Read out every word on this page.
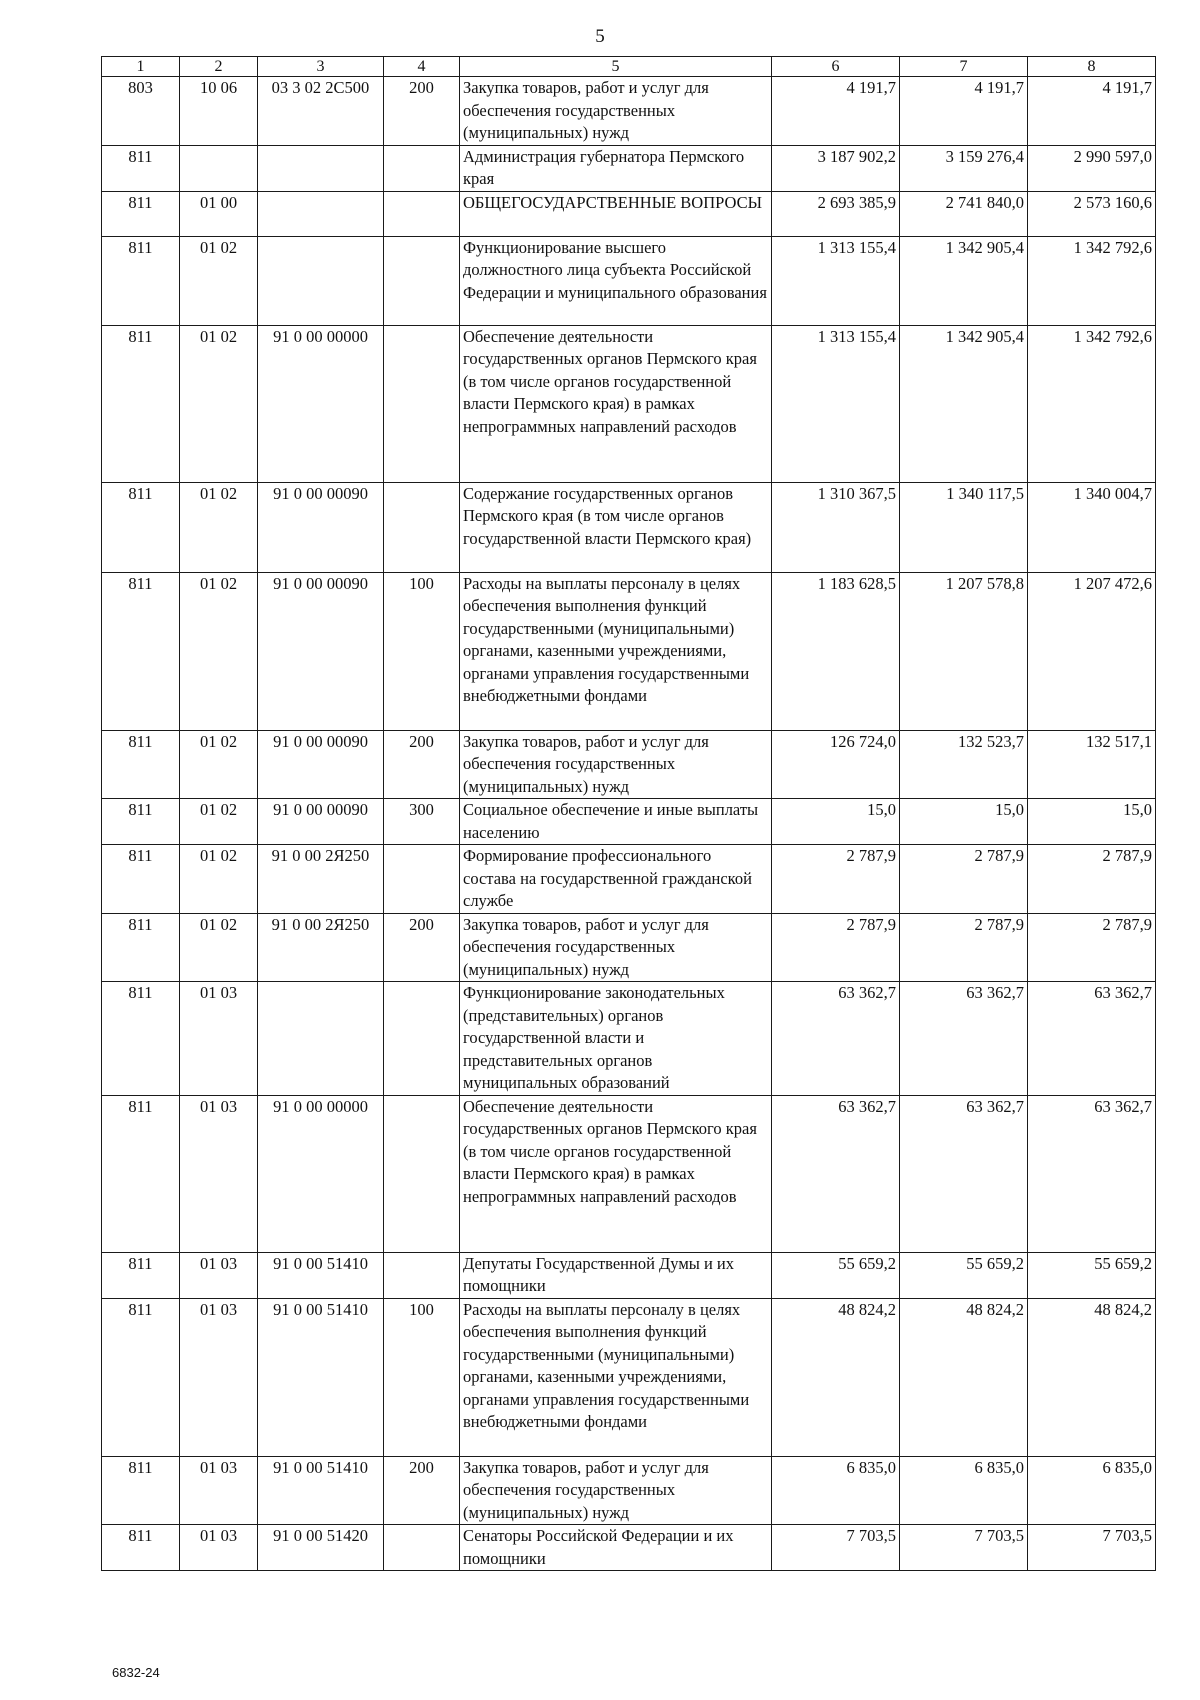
5
1	2	3	4	5	6	7	8
803	10 06	03 3 02 2С500	200	Закупка товаров, работ и услуг для обеспечения государственных (муниципальных) нужд	4 191,7	4 191,7	4 191,7
811				Администрация губернатора Пермского края	3 187 902,2	3 159 276,4	2 990 597,0
811	01 00			ОБЩЕГОСУДАРСТВЕННЫЕ ВОПРОСЫ	2 693 385,9	2 741 840,0	2 573 160,6
811	01 02			Функционирование высшего должностного лица субъекта Российской Федерации и муниципального образования	1 313 155,4	1 342 905,4	1 342 792,6
811	01 02	91 0 00 00000		Обеспечение деятельности государственных органов Пермского края (в том числе органов государственной власти Пермского края) в рамках непрограммных направлений расходов	1 313 155,4	1 342 905,4	1 342 792,6
811	01 02	91 0 00 00090		Содержание государственных органов Пермского края (в том числе органов государственной власти Пермского края)	1 310 367,5	1 340 117,5	1 340 004,7
811	01 02	91 0 00 00090	100	Расходы на выплаты персоналу в целях обеспечения выполнения функций государственными (муниципальными) органами, казенными учреждениями, органами управления государственными внебюджетными фондами	1 183 628,5	1 207 578,8	1 207 472,6
811	01 02	91 0 00 00090	200	Закупка товаров, работ и услуг для обеспечения государственных (муниципальных) нужд	126 724,0	132 523,7	132 517,1
811	01 02	91 0 00 00090	300	Социальное обеспечение и иные выплаты населению	15,0	15,0	15,0
811	01 02	91 0 00 2Я250		Формирование профессионального состава на государственной гражданской службе	2 787,9	2 787,9	2 787,9
811	01 02	91 0 00 2Я250	200	Закупка товаров, работ и услуг для обеспечения государственных (муниципальных) нужд	2 787,9	2 787,9	2 787,9
811	01 03			Функционирование законодательных (представительных) органов государственной власти и представительных органов муниципальных образований	63 362,7	63 362,7	63 362,7
811	01 03	91 0 00 00000		Обеспечение деятельности государственных органов Пермского края (в том числе органов государственной власти Пермского края) в рамках непрограммных направлений расходов	63 362,7	63 362,7	63 362,7
811	01 03	91 0 00 51410		Депутаты Государственной Думы и их помощники	55 659,2	55 659,2	55 659,2
811	01 03	91 0 00 51410	100	Расходы на выплаты персоналу в целях обеспечения выполнения функций государственными (муниципальными) органами, казенными учреждениями, органами управления государственными внебюджетными фондами	48 824,2	48 824,2	48 824,2
811	01 03	91 0 00 51410	200	Закупка товаров, работ и услуг для обеспечения государственных (муниципальных) нужд	6 835,0	6 835,0	6 835,0
811	01 03	91 0 00 51420		Сенаторы Российской Федерации и их помощники	7 703,5	7 703,5	7 703,5
6832-24
